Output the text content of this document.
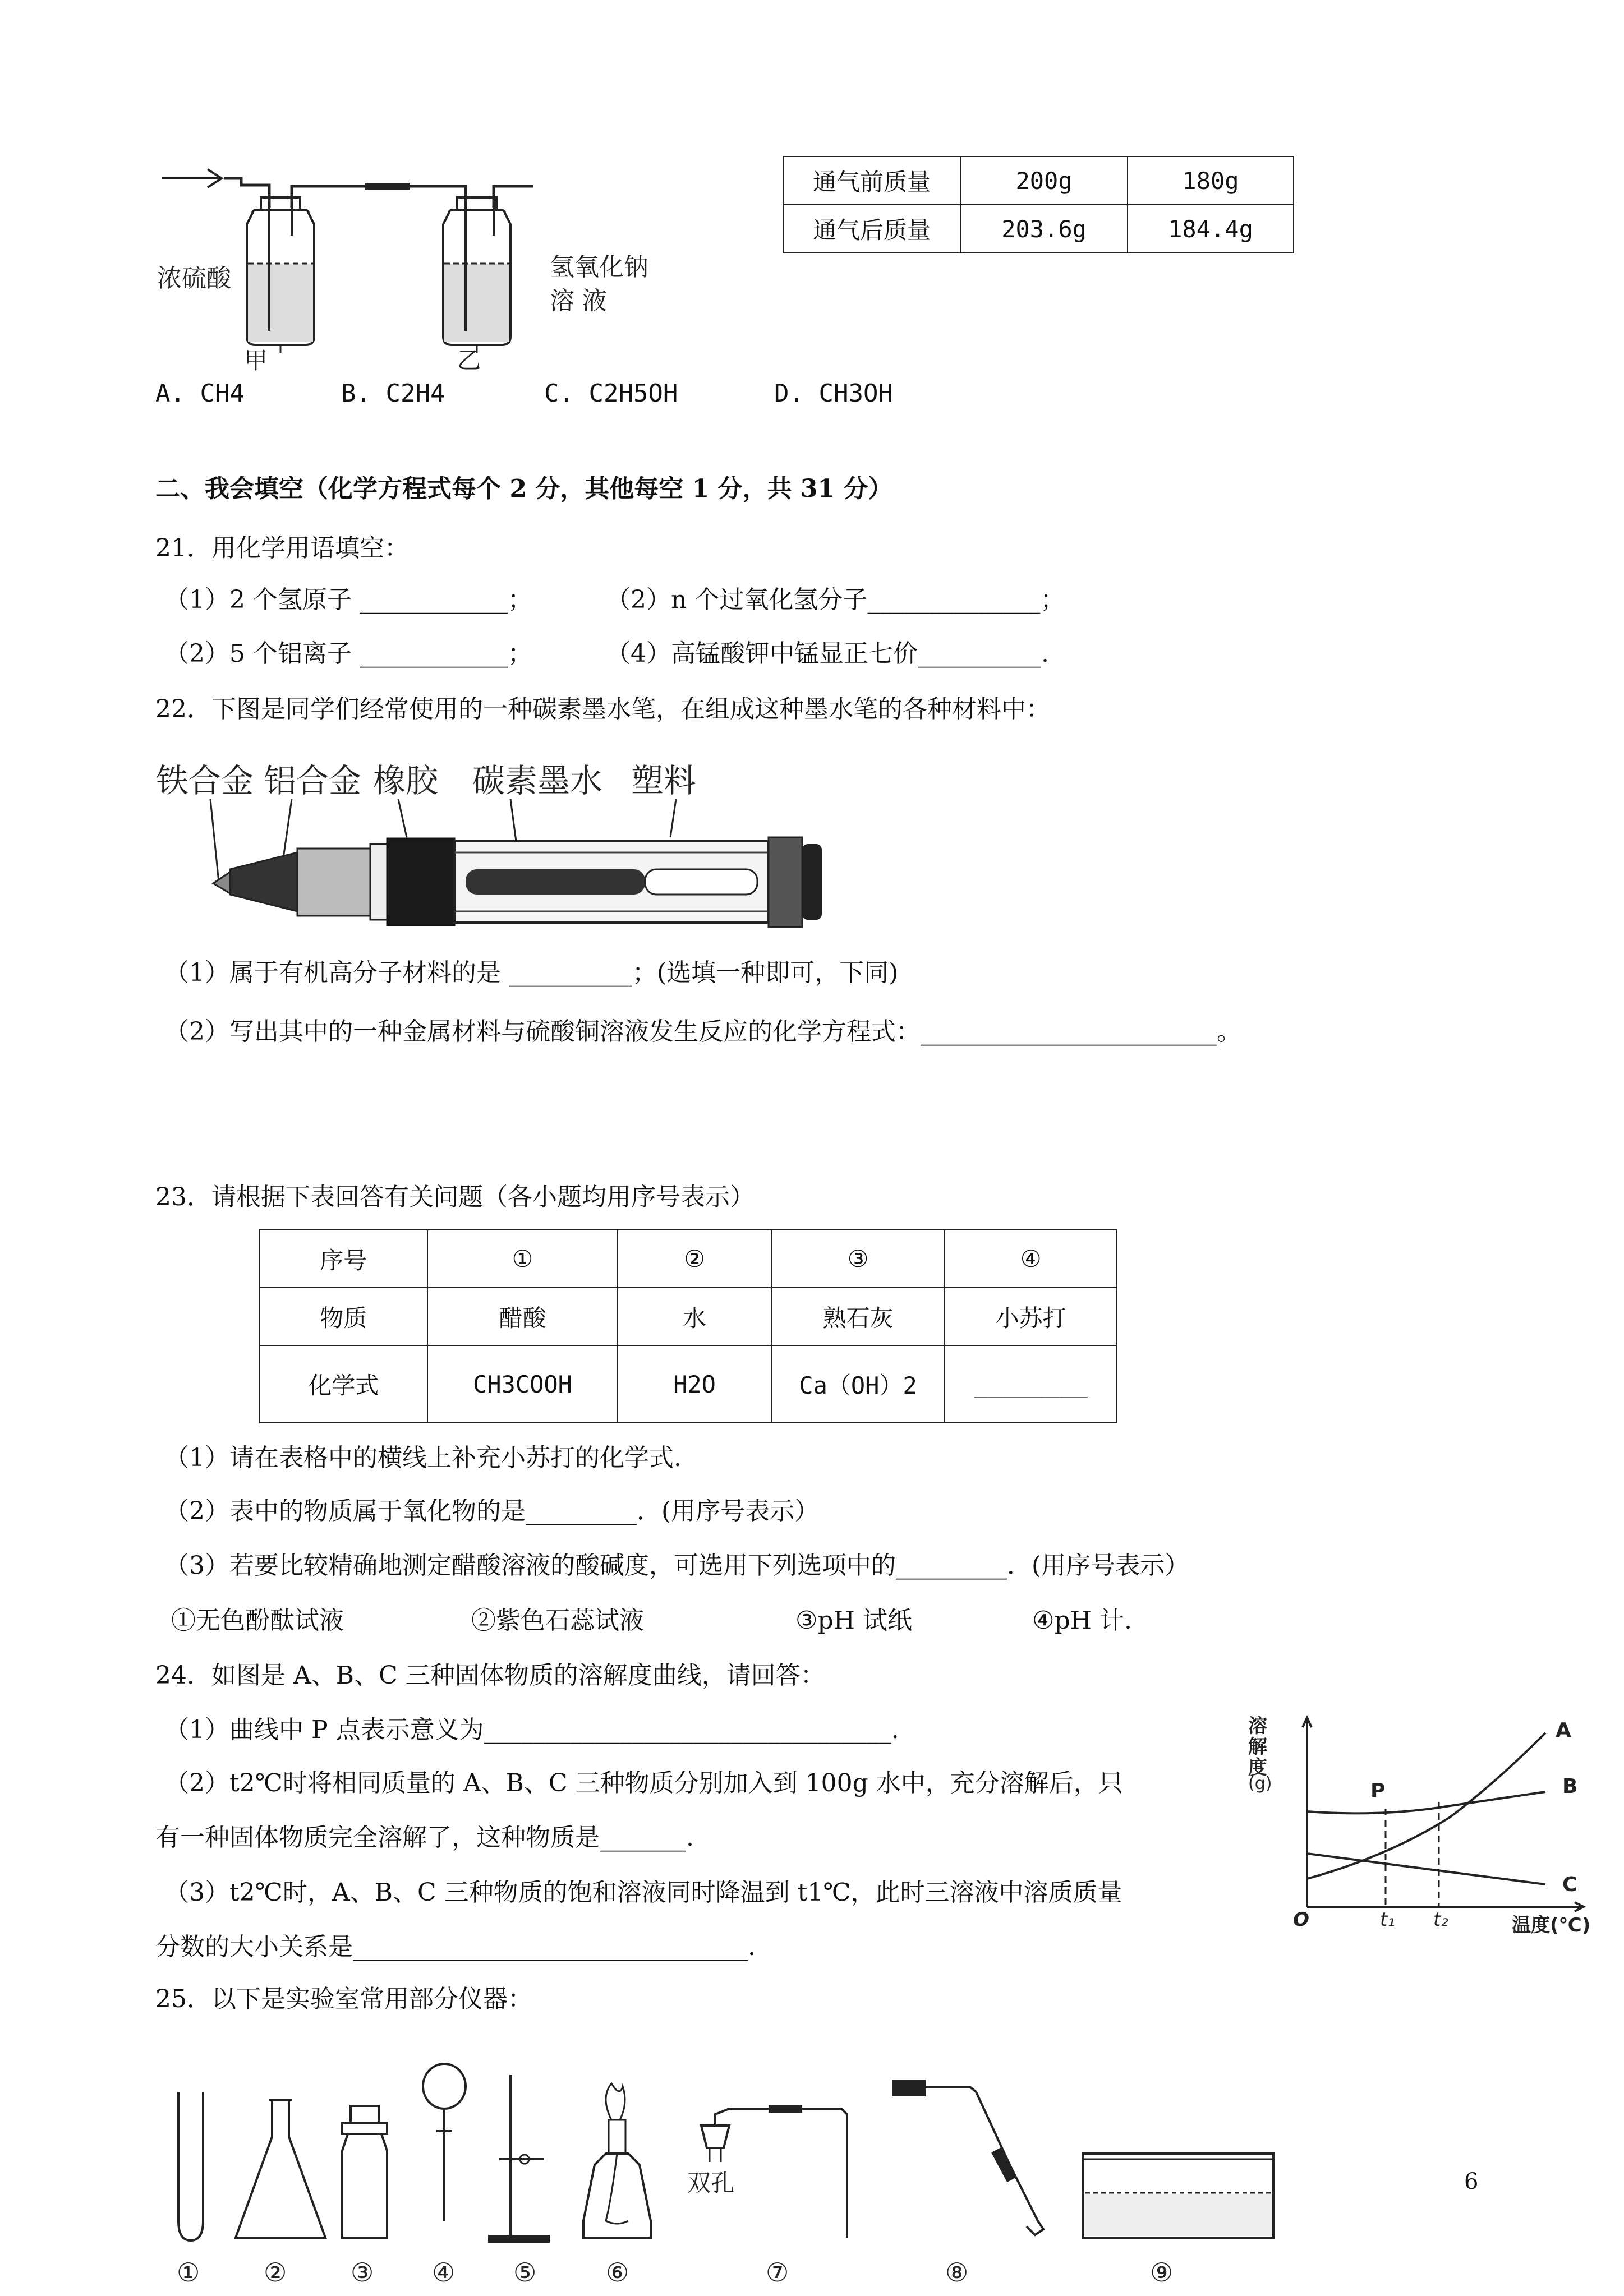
浓硫酸
甲	乙
氢氧化钠
溶 液
通气前质量	200g	180g
通气后质量	203.6g	184.4g
A. CH4	B. C2H4	C. C2H5OH	D. CH3OH
二、我会填空（化学方程式每个 2 分，其他每空 1 分，共 31 分）
21．用化学用语填空：
（1）2 个氢原子 ____________；	（2）n 个过氧化氢分子______________；
（2）5 个铝离子 ____________；	（4）高锰酸钾中锰显正七价__________.
22．下图是同学们经常使用的一种碳素墨水笔，在组成这种墨水笔的各种材料中：
铁合金 铝合金 橡胶 碳素墨水 塑料
（1）属于有机高分子材料的是 __________；(选填一种即可，下同)
（2）写出其中的一种金属材料与硫酸铜溶液发生反应的化学方程式：________________________。
23．请根据下表回答有关问题（各小题均用序号表示）
序号	①	②	③	④
物质	醋酸	水	熟石灰	小苏打
化学式	CH3COOH	H2O	Ca（OH）2	________
（1）请在表格中的横线上补充小苏打的化学式.
（2）表中的物质属于氧化物的是_________．(用序号表示）
（3）若要比较精确地测定醋酸溶液的酸碱度，可选用下列选项中的_________．(用序号表示）
①无色酚酞试液	②紫色石蕊试液	③pH 试纸	④pH 计.
24．如图是 A、B、C 三种固体物质的溶解度曲线，请回答：
（1）曲线中 P 点表示意义为_________________________________.
（2）t2℃时将相同质量的 A、B、C 三种物质分别加入到 100g 水中，充分溶解后，只
有一种固体物质完全溶解了，这种物质是_______.
（3）t2℃时，A、B、C 三种物质的饱和溶液同时降温到 t1℃，此时三溶液中溶质质量
分数的大小关系是________________________________.
溶
解
度
(g)
O	t₁ t₂	温度(℃)
P
A
B
C
25．以下是实验室常用部分仪器：
双孔
① ② ③ ④ ⑤	⑥	⑦	⑧	⑨
6
